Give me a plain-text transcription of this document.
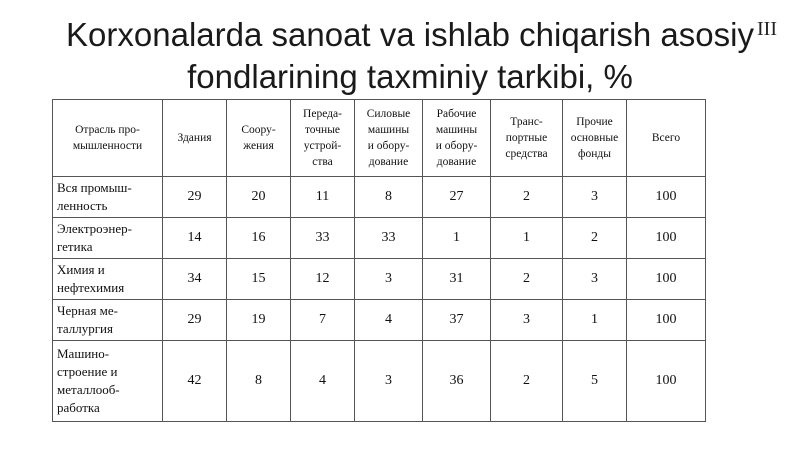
Korxonalarda sanoat va ishlab chiqarish asosiy fondlarining taxminiy tarkibi, %
III
Отрасль про-
мышленности	Здания	Соору-
жения	Переда-
точные
устрой-
ства	Силовые
машины
и обору-
дование	Рабочие
машины
и обору-
дование	Транс-
портные
средства	Прочие
основные
фонды	Всего
Вся промыш-
ленность	29	20	11	8	27	2	3	100
Электроэнер-
гетика	14	16	33	33	1	1	2	100
Химия и
нефтехимия	34	15	12	3	31	2	3	100
Черная ме-
таллургия	29	19	7	4	37	3	1	100
Машино-
строение и
металлооб-
работка	42	8	4	3	36	2	5	100
